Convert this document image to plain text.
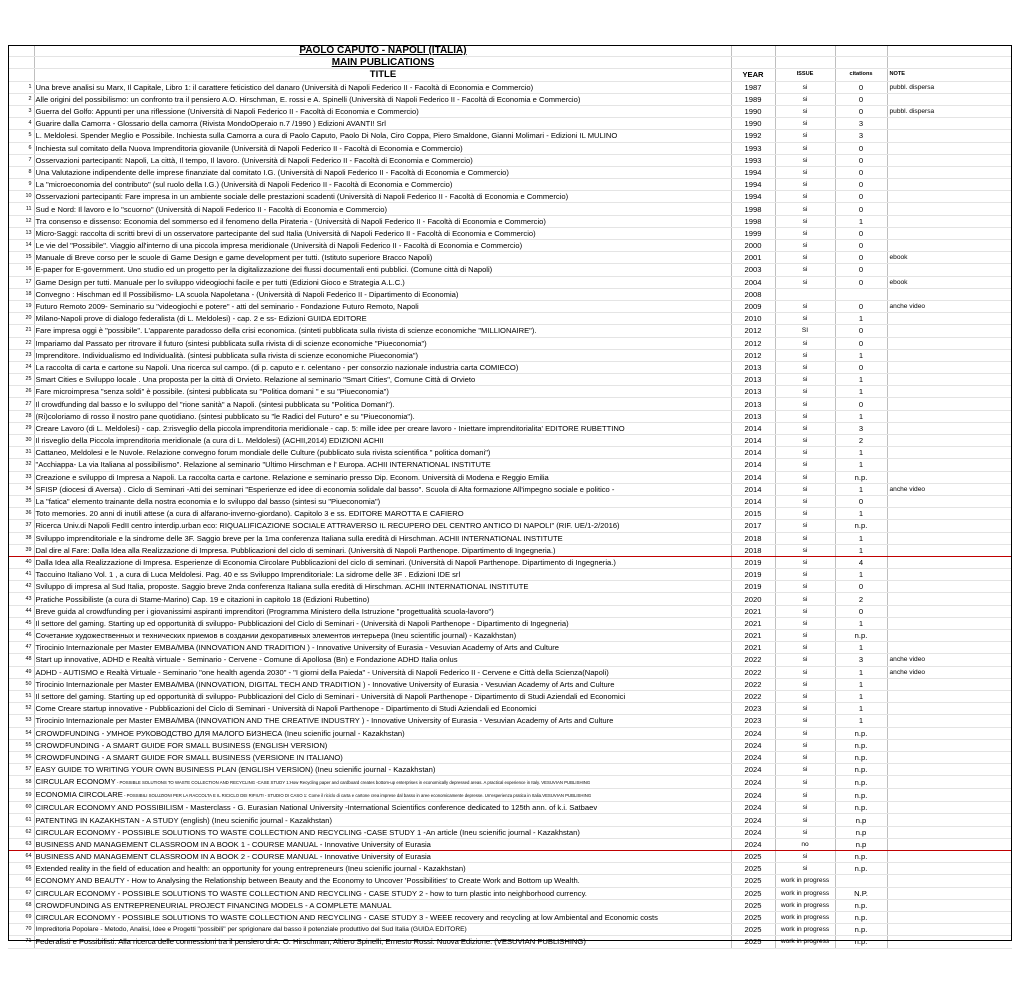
	PAOLO CAPUTO - NAPOLI (ITALIA)				
	MAIN PUBLICATIONS				
	TITLE	YEAR	ISSUE	citations	NOTE
1	Una breve analisi su Marx, Il Capitale, Libro 1: il carattere feticistico del danaro (Università di Napoli Federico II - Facoltà di Economia e Commercio)	1987	si	0	pubbl. dispersa
2	Alle origini del possibilismo: un confronto tra il pensiero A.O. Hirschman, E. rossi e A. Spinelli (Università di Napoli Federico II - Facoltà di Economia e Commercio)	1989	si	0	
3	Guerra del Golfo: Appunti per una riflessione (Università di Napoli Federico II - Facoltà di Economia e Commercio)	1990	si	0	pubbl. dispersa
4	Guarire dalla Camorra - Glossario della camorra (Rivista MondoOperaio n.7 /1990 ) Edizioni AVANTI! Srl	1990	si	3	
5	L. Meldolesi. Spender Meglio e Possibile. Inchiesta sulla Camorra a cura di Paolo Caputo, Paolo Di Nola, Ciro Coppa, Piero Smaldone, Gianni Molimari - Edizioni IL MULINO	1992	si	3	
6	Inchiesta sul comitato della Nuova Imprenditoria giovanile (Università di Napoli Federico II - Facoltà di Economia e Commercio)	1993	si	0	
7	Osservazioni partecipanti: Napoli, La città, Il tempo, Il lavoro. (Università di Napoli Federico II - Facoltà di Economia e Commercio)	1993	si	0	
8	Una Valutazione indipendente delle imprese finanziate dal comitato I.G. (Università di Napoli Federico II - Facoltà di Economia e Commercio)	1994	si	0	
9	La "microeconomia del contributo" (sul ruolo della I.G.) (Università di Napoli Federico II - Facoltà di Economia e Commercio)	1994	si	0	
10	Osservazioni partecipanti: Fare impresa in un ambiente sociale delle prestazioni scadenti (Università di Napoli Federico II - Facoltà di Economia e Commercio)	1994	si	0	
11	Sud e Nord: Il lavoro e lo "scuorno" (Università di Napoli Federico II - Facoltà di Economia e Commercio)	1998	si	0	
12	Tra consenso e dissenso: Economia del sommerso ed il fenomeno della Pirateria - (Università di Napoli Federico II - Facoltà di Economia e Commercio)	1998	si	1	
13	Micro-Saggi: raccolta di scritti brevi di un osservatore partecipante del sud Italia (Università di Napoli Federico II - Facoltà di Economia e Commercio)	1999	si	0	
14	Le vie del "Possibile". Viaggio all'interno di una piccola impresa meridionale (Università di Napoli Federico II - Facoltà di Economia e Commercio)	2000	si	0	
15	Manuale di Breve corso per le scuole di Game Design e game development per tutti. (Istituto superiore Bracco Napoli)	2001	si	0	ebook
16	E-paper for E-government. Uno studio ed un progetto per la digitalizzazione dei flussi documentali enti pubblici. (Comune città di Napoli)	2003	si	0	
17	Game Design per tutti. Manuale per lo sviluppo videogiochi facile e per tutti (Edizioni Gioco e Strategia A.L.C.)	2004	si	0	ebook
18	Convegno : Hischman ed Il Possibilismo- LA scuola Napoletana - (Università di Napoli Federico II - Dipartimento di Economia)	2008			
19	Futuro Remoto 2009- Seminario su "videogiochi e potere" - atti del seminario - Fondazione Futuro Remoto, Napoli	2009	si	0	anche video
20	Milano-Napoli prove di dialogo federalista (di L. Meldolesi) - cap. 2 e ss- Edizioni GUIDA EDITORE	2010	si	1	
21	Fare impresa oggi è "possibile". L'apparente paradosso della crisi economica. (sinteti pubblicata sulla rivista di scienze economiche "MILLIONAIRE").	2012	SI	0	
22	Impariamo dal Passato per ritrovare il futuro (sintesi pubblicata sulla rivista di di scienze economiche "Piueconomia")	2012	si	0	
23	Imprenditore. Individualismo ed Individualità. (sintesi pubblicata sulla rivista di scienze economiche Piueconomia")	2012	si	1	
24	La raccolta di carta e cartone su Napoli. Una ricerca sul campo. (di p. caputo e r. celentano - per consorzio nazionale industria carta COMIECO)	2013	si	0	
25	Smart Cities e Sviluppo locale . Una proposta per la città di Orvieto. Relazione al seminario "Smart Cities", Comune Città di Orvieto	2013	si	1	
26	Fare microimpresa "senza soldi" è possibile. (sintesi pubblicata su "Politica domani " e su "Piueconomia")	2013	si	1	
27	Il crowdfunding dal basso e lo sviluppo del "rione sanità" a Napoli. (sintesi pubblicata su "Politica Domani").	2013	si	0	
28	(Ri)coloriamo di rosso il nostro pane quotidiano. (sintesi pubblicato su "le Radici del Futuro" e su "Piueconomia").	2013	si	1	
29	Creare Lavoro (di L. Meldolesi) - cap. 2:risveglio della piccola imprenditoria meridionale - cap. 5: mille idee per creare lavoro - Iniettare imprenditorialita' EDITORE RUBETTINO	2014	si	3	
30	Il risveglio della Piccola imprenditoria meridionale (a cura di L. Meldolesi) (ACHII,2014) EDIZIONI ACHII	2014	si	2	
31	Cattaneo, Meldolesi e le Nuvole. Relazione convegno forum mondiale delle Culture (pubblicato sula rivista scientifica " politica domani")	2014	si	1	
32	"Acchiappa- La via Italiana al possibilismo". Relazione al seminario "Ultimo Hirschman e l' Europa. ACHII INTERNATIONAL INSTITUTE	2014	si	1	
33	Creazione e sviluppo di Impresa a Napoli. La raccolta carta e cartone. Relazione e seminario presso Dip. Econom. Università di Modena e Reggio Emilia	2014	si	n.p.	
34	SFISP (diocesi di Aversa) . Ciclo di Seminari -Atti dei seminari "Esperienze ed idee di economia solidale dal basso". Scuola di Alta formazione All'impegno sociale e politico -	2014	si	1	anche video
35	La "fatica" elemento trainante della nostra economia e lo sviluppo dal basso (sintesi su "Piueconomia")	2014	si	0	
36	Toto memories. 20 anni di inutili attese (a cura di alfarano-inverno-giordano). Capitolo 3 e ss. EDITORE MAROTTA E CAFIERO	2015	si	1	
37	Ricerca Univ.di Napoli FedII centro interdip.urban eco: RIQUALIFICAZIONE SOCIALE ATTRAVERSO IL RECUPERO DEL CENTRO ANTICO DI NAPOLI" (RIF. UE/1-2/2016)	2017	si	n.p.	
38	Sviluppo imprenditoriale e la sindrome delle 3F. Saggio breve per la 1ma conferenza Italiana sulla eredità di Hirschman. ACHII INTERNATIONAL INSTITUTE	2018	si	1	
39	Dal dire al Fare: Dalla Idea alla Realizzazione di Impresa. Pubblicazioni del ciclo di seminari. (Università di Napoli Parthenope. Dipartimento di Ingegneria.)	2018	si	1	
40	Dalla Idea alla Realizzazione di Impresa. Esperienze di Economia Circolare Pubblicazioni del ciclo di seminari. (Università di Napoli Parthenope. Dipartimento di Ingegneria.)	2019	si	4	
41	Taccuino Italiano Vol. 1 , a cura di Luca Meldolesi. Pag. 40 e ss Sviluppo Imprenditoriale: La sidrome delle 3F . Edizioni IDE srl	2019	si	1	
42	Sviluppo di impresa al Sud Italia, proposte. Saggio breve 2nda conferenza Italiana sulla eredità di Hirschman. ACHII INTERNATIONAL INSTITUTE	2019	si	0	
43	Pratiche Possibiliste (a cura di Stame-Marino) Cap. 19 e citazioni in capitolo 18 (Edizioni Rubettino)	2020	si	2	
44	Breve guida al crowdfunding per i giovanissimi aspiranti imprenditori (Programma Ministero della Istruzione "progettualità scuola-lavoro")	2021	si	0	
45	Il settore del gaming. Starting up ed opportunità di sviluppo- Pubblicazioni del Ciclo di Seminari - (Università di Napoli Parthenope - Dipartimento di Ingegneria)	2021	si	1	
46	Сочетание художественных и технических приемов в создании декоративных элементов интерьера (Ineu scientific journal) - Kazakhstan)	2021	si	n.p.	
47	Tirocinio Internazionale per Master EMBA/MBA (INNOVATION AND TRADITION ) - Innovative University of Eurasia - Vesuvian Academy of Arts and Culture	2021	si	1	
48	Start up innovative, ADHD e Realtà virtuale - Seminario - Cervene - Comune di Apollosa (Bn) e Fondazione ADHD Italia onlus	2022	si	3	anche video
49	ADHD - AUTISMO e Realtà Virtuale - Seminario "one health agenda 2030" - "I giorni della Paieda" - Università di Napoli Federico II - Cervene e Città della Scienza(Napoli)	2022	si	1	anche video
50	Tirocinio Internazionale per Master EMBA/MBA (INNOVATION, DIGITAL TECH AND TRADITION ) - Innovative University of Eurasia - Vesuvian Academy of Arts and Culture	2022	si	1	
51	Il settore del gaming. Starting up ed opportunità di sviluppo- Pubblicazioni del Ciclo di Seminari - Università di Napoli Parthenope - Dipartimento di Studi Aziendali ed Economici	2022	si	1	
52	Come Creare startup innovative - Pubblicazioni del Ciclo di Seminari - Università di Napoli Parthenope - Dipartimento di Studi Aziendali ed Economici	2023	si	1	
53	Tirocinio Internazionale per Master EMBA/MBA (INNOVATION AND THE CREATIVE INDUSTRY ) - Innovative University of Eurasia - Vesuvian Academy of Arts and Culture	2023	si	1	
54	CROWDFUNDING - УМНОЕ РУКОВОДСТВО ДЛЯ МАЛОГО БИЗНЕСА (Ineu scienific journal - Kazakhstan)	2024	si	n.p.	
55	CROWDFUNDING - A SMART GUIDE FOR SMALL BUSINESS (ENGLISH VERSION)	2024	si	n.p.	
56	CROWDFUNDING - A SMART GUIDE FOR SMALL BUSINESS (VERSIONE IN ITALIANO)	2024	si	n.p.	
57	EASY GUIDE TO WRITING YOUR OWN BUSINESS PLAN (ENGLISH VERSION) (Ineu scienific journal - Kazakhstan)	2024	si	n.p.	
58	CIRCULAR ECONOMY - POSSIBLE SOLUTIONS TO WASTE COLLECTION AND RECYCLING -CASE STUDY 1:How Recycling paper and cardboard creates bottom-up enterprises in economically depressed areas. A practical experience in Italy. VESUVIAN PUBLISHING	2024	si	n.p.	
59	ECONOMIA CIRCOLARE - POSSIBILI SOLUZIONI PER LA RACCOLTA E IL RICICLO DEI RIFIUTI - STUDIO DI CASO 1: Come il riciclo di carta e cartone crea imprese dal basso in aree economicamente depresse. Un'esperienza pratica in Italia.VESUVIAN PUBLISHING	2024	si	n.p.	
60	CIRCULAR ECONOMY AND POSSIBILISM - Masterclass - G. Eurasian National University -International Scientifics conference dedicated to 125th ann. of k.i. Satbaev	2024	si	n.p.	
61	PATENTING IN KAZAKHSTAN - A STUDY (english) (Ineu scienific journal - Kazakhstan)	2024	si	n.p	
62	CIRCULAR ECONOMY - POSSIBLE SOLUTIONS TO WASTE COLLECTION AND RECYCLING -CASE STUDY 1 -An article (Ineu scienific journal - Kazakhstan)	2024	si	n.p	
63	BUSINESS AND MANAGEMENT CLASSROOM IN A BOOK 1 - COURSE MANUAL - Innovative University of Eurasia	2024	no	n.p	
64	BUSINESS AND MANAGEMENT CLASSROOM IN A BOOK 2 - COURSE MANUAL - Innovative University of Eurasia	2025	si	n.p.	
65	Extended reality in the field of education and health: an opportunity for young entrepreneurs (Ineu scienific journal - Kazakhstan)	2025	si	n.p.	
66	ECONOMY AND BEAUTY - How to Analysing the Relationship between Beauty and the Economy to Uncover 'Possibilities' to Create Work and Bottom up Wealth.	2025	work in progress		
67	CIRCULAR ECONOMY - POSSIBLE SOLUTIONS TO WASTE COLLECTION AND RECYCLING - CASE STUDY 2 - how to turn plastic into neighborhood currency.	2025	work in progress	N.P.	
68	CROWDFUNDING AS ENTREPRENEURIAL PROJECT FINANCING MODELS - A COMPLETE MANUAL	2025	work in progress	n.p.	
69	CIRCULAR ECONOMY - POSSIBLE SOLUTIONS TO WASTE COLLECTION AND RECYCLING - CASE STUDY 3 - WEEE recovery and recycling at low Ambiental and Economic costs	2025	work in progress	n.p.	
70	Impreditoria Popolare - Metodo, Analisi, Idee e Progetti "possibili" per sprigionare dal basso il potenziale produttivo del Sud Italia (GUIDA EDITORE)	2025	work in progress	n.p.	
71	Federalisti e Possibilisti: Alla ricerca delle connessioni tra il pensiero di A. O. Hirschman, Altiero Spinelli, Ernesto Rossi. Nuova Edizione. (VESUVIAN PUBLISHING)	2025	work in progress	n.p.	
